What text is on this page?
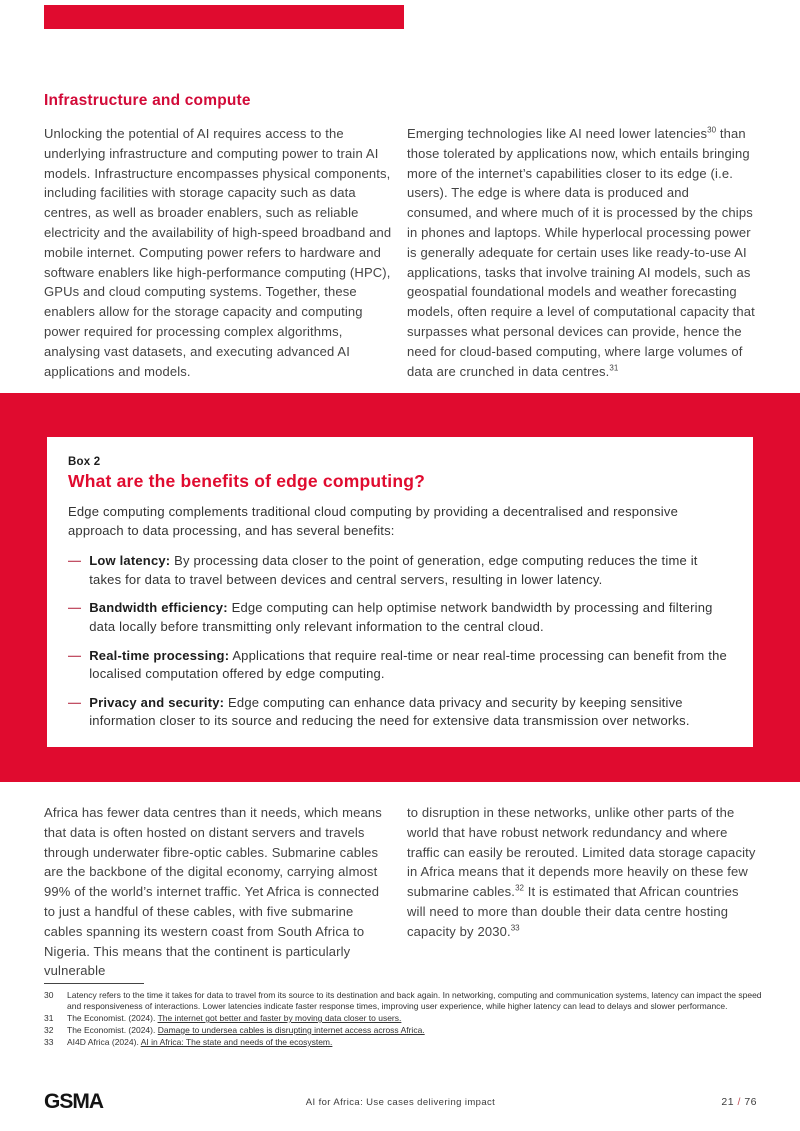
Infrastructure and compute

Unlocking the potential of AI requires access to the underlying infrastructure and computing power to train AI models. Infrastructure encompasses physical components, including facilities with storage capacity such as data centres, as well as broader enablers, such as reliable electricity and the availability of high-speed broadband and mobile internet. Computing power refers to hardware and software enablers like high-performance computing (HPC), GPUs and cloud computing systems. Together, these enablers allow for the storage capacity and computing power required for processing complex algorithms, analysing vast datasets, and executing advanced AI applications and models.

Emerging technologies like AI need lower latencies$^{30}$ than those tolerated by applications now, which entails bringing more of the internet’s capabilities closer to its edge (i.e. users). The edge is where data is produced and consumed, and where much of it is processed by the chips in phones and laptops. While hyperlocal processing power is generally adequate for certain uses like ready-to-use AI applications, tasks that involve training AI models, such as geospatial foundational models and weather forecasting models, often require a level of computational capacity that surpasses what personal devices can provide, hence the need for cloud-based computing, where large volumes of data are crunched in data centres.$^{31}$

Box 2

What are the benefits of edge computing?

Edge computing complements traditional cloud computing by providing a decentralised and responsive approach to data processing, and has several benefits:

— Low latency: By processing data closer to the point of generation, edge computing reduces the time it takes for data to travel between devices and central servers, resulting in lower latency.
— Bandwidth efficiency: Edge computing can help optimise network bandwidth by processing and filtering data locally before transmitting only relevant information to the central cloud.
— Real-time processing: Applications that require real-time or near real-time processing can benefit from the localised computation offered by edge computing.
— Privacy and security: Edge computing can enhance data privacy and security by keeping sensitive information closer to its source and reducing the need for extensive data transmission over networks.

Africa has fewer data centres than it needs, which means that data is often hosted on distant servers and travels through underwater fibre-optic cables. Submarine cables are the backbone of the digital economy, carrying almost 99% of the world’s internet traffic. Yet Africa is connected to just a handful of these cables, with five submarine cables spanning its western coast from South Africa to Nigeria. This means that the continent is particularly vulnerable

to disruption in these networks, unlike other parts of the world that have robust network redundancy and where traffic can easily be rerouted. Limited data storage capacity in Africa means that it depends more heavily on these few submarine cables.$^{32}$ It is estimated that African countries will need to more than double their data centre hosting capacity by 2030.33

30	Latency refers to the time it takes for data to travel from its source to its destination and back again. In networking, computing and communication systems, latency can impact the speed and responsiveness of interactions. Lower latencies indicate faster response times, improving user experience, while higher latency can lead to delays and slower performance.
31	The Economist. (2024). The internet got better and faster by moving data closer to users.
32	The Economist. (2024). Damage to undersea cables is disrupting internet access across Africa.
33	AI4D Africa (2024). AI in Africa: The state and needs of the ecosystem.
GSMA	AI for Africa: Use cases delivering impact	21 / 76
